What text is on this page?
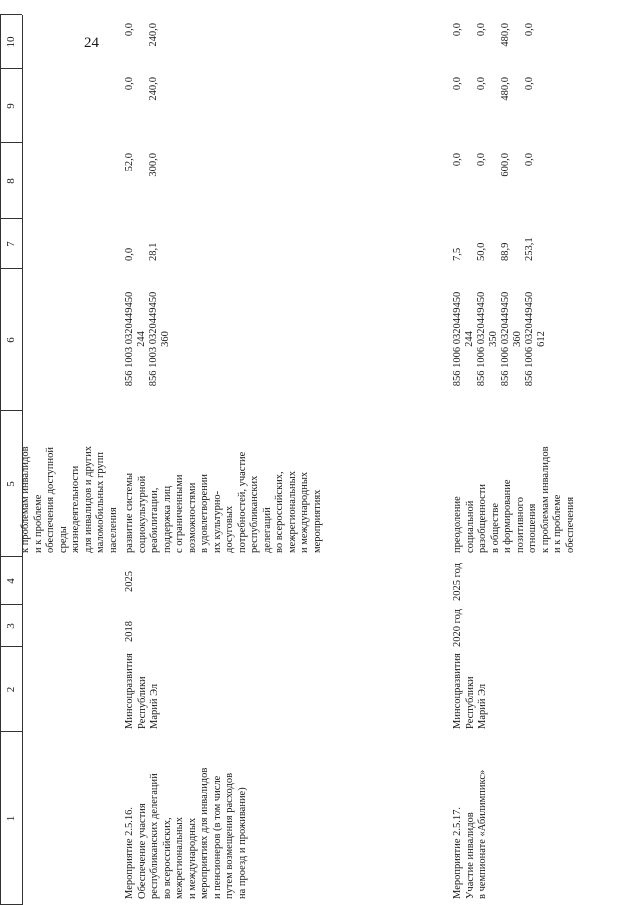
24
1
2
3
4
5
6
7
8
9
10
к проблемам инвалидов
и к проблеме
обеспечения доступной
среды
жизнедеятельности
для инвалидов и других
маломобильных групп
населения
Мероприятие 2.5.16.
Обеспечение участия
республиканских делегаций
во всероссийских,
межрегиональных
и международных
мероприятиях для инвалидов
и пенсионеров (в том числе
путем возмещения расходов
на проезд и проживание)
Минсоцразвития
Республики
Марий Эл
2018
2025
развитие системы
социокультурной
реабилитации,
поддержка лиц
с ограниченными
возможностями
в удовлетворении
их культурно-
досуговых
потребностей, участие
республиканских
делегаций
во всероссийских,
межрегиональных
и международных
мероприятиях
856 1003 0320449450 244 856 1003 0320449450 360
0,0 28,1
52,0 300,0
0,0 240,0
0,0 240,0
Мероприятие 2.5.17.
Участие инвалидов
в чемпионате «Абилимпикс»
Минсоцразвития
Республики
Марий Эл
2020 год
2025 год
преодоление
социальной
разобщенности
в обществе
и формирование
позитивного
отношения
к проблемам инвалидов
и к проблеме
обеспечения
856 1006 0320449450 244 856 1006 0320449450 350 856 1006 0320449450 360 856 1006 0320449450 612
7,5 50,0 88,9 253,1
0,0 0,0 600,0 0,0
0,0 0,0 480,0 0,0
0,0 0,0 480,0 0,0
